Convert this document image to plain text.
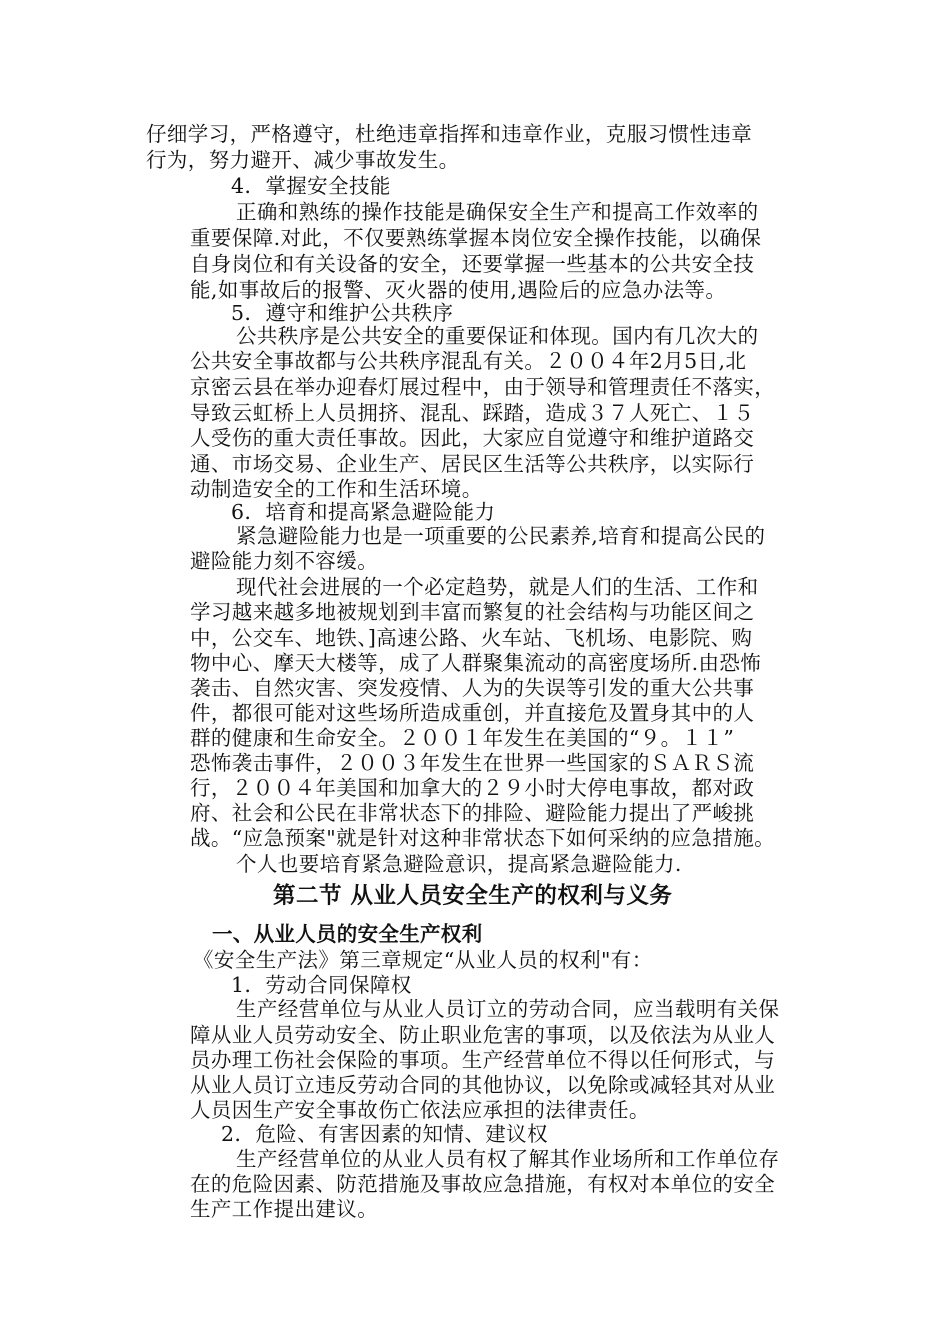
仔细学习，严格遵守，杜绝违章指挥和违章作业，克服习惯性违章
行为，努力避开、减少事故发生。
4．掌握安全技能
正确和熟练的操作技能是确保安全生产和提高工作效率的
重要保障.对此，不仅要熟练掌握本岗位安全操作技能，以确保
自身岗位和有关设备的安全，还要掌握一些基本的公共安全技
能,如事故后的报警、灭火器的使用,遇险后的应急办法等。
5．遵守和维护公共秩序
公共秩序是公共安全的重要保证和体现。国内有几次大的
公共安全事故都与公共秩序混乱有关。２００４年2月5日,北
京密云县在举办迎春灯展过程中，由于领导和管理责任不落实，
导致云虹桥上人员拥挤、混乱、踩踏，造成３７人死亡、１５
人受伤的重大责任事故。因此，大家应自觉遵守和维护道路交
通、市场交易、企业生产、居民区生活等公共秩序，以实际行
动制造安全的工作和生活环境。
6．培育和提高紧急避险能力
紧急避险能力也是一项重要的公民素养,培育和提高公民的
避险能力刻不容缓。
现代社会进展的一个必定趋势，就是人们的生活、工作和
学习越来越多地被规划到丰富而繁复的社会结构与功能区间之
中，公交车、地铁、]高速公路、火车站、飞机场、电影院、购
物中心、摩天大楼等，成了人群聚集流动的高密度场所.由恐怖
袭击、自然灾害、突发疫情、人为的失误等引发的重大公共事
件，都很可能对这些场所造成重创，并直接危及置身其中的人
群的健康和生命安全。２００１年发生在美国的“９。１１”
恐怖袭击事件，２００３年发生在世界一些国家的ＳＡＲＳ流
行，２００４年美国和加拿大的２９小时大停电事故，都对政
府、社会和公民在非常状态下的排险、避险能力提出了严峻挑
战。“应急预案"就是针对这种非常状态下如何采纳的应急措施。
个人也要培育紧急避险意识，提高紧急避险能力.
第二节 从业人员安全生产的权利与义务
一、从业人员的安全生产权利
《安全生产法》第三章规定“从业人员的权利"有：
1．劳动合同保障权
生产经营单位与从业人员订立的劳动合同，应当载明有关保
障从业人员劳动安全、防止职业危害的事项，以及依法为从业人
员办理工伤社会保险的事项。生产经营单位不得以任何形式，与
从业人员订立违反劳动合同的其他协议，以免除或减轻其对从业
人员因生产安全事故伤亡依法应承担的法律责任。
2．危险、有害因素的知情、建议权
生产经营单位的从业人员有权了解其作业场所和工作单位存
在的危险因素、防范措施及事故应急措施，有权对本单位的安全
生产工作提出建议。
